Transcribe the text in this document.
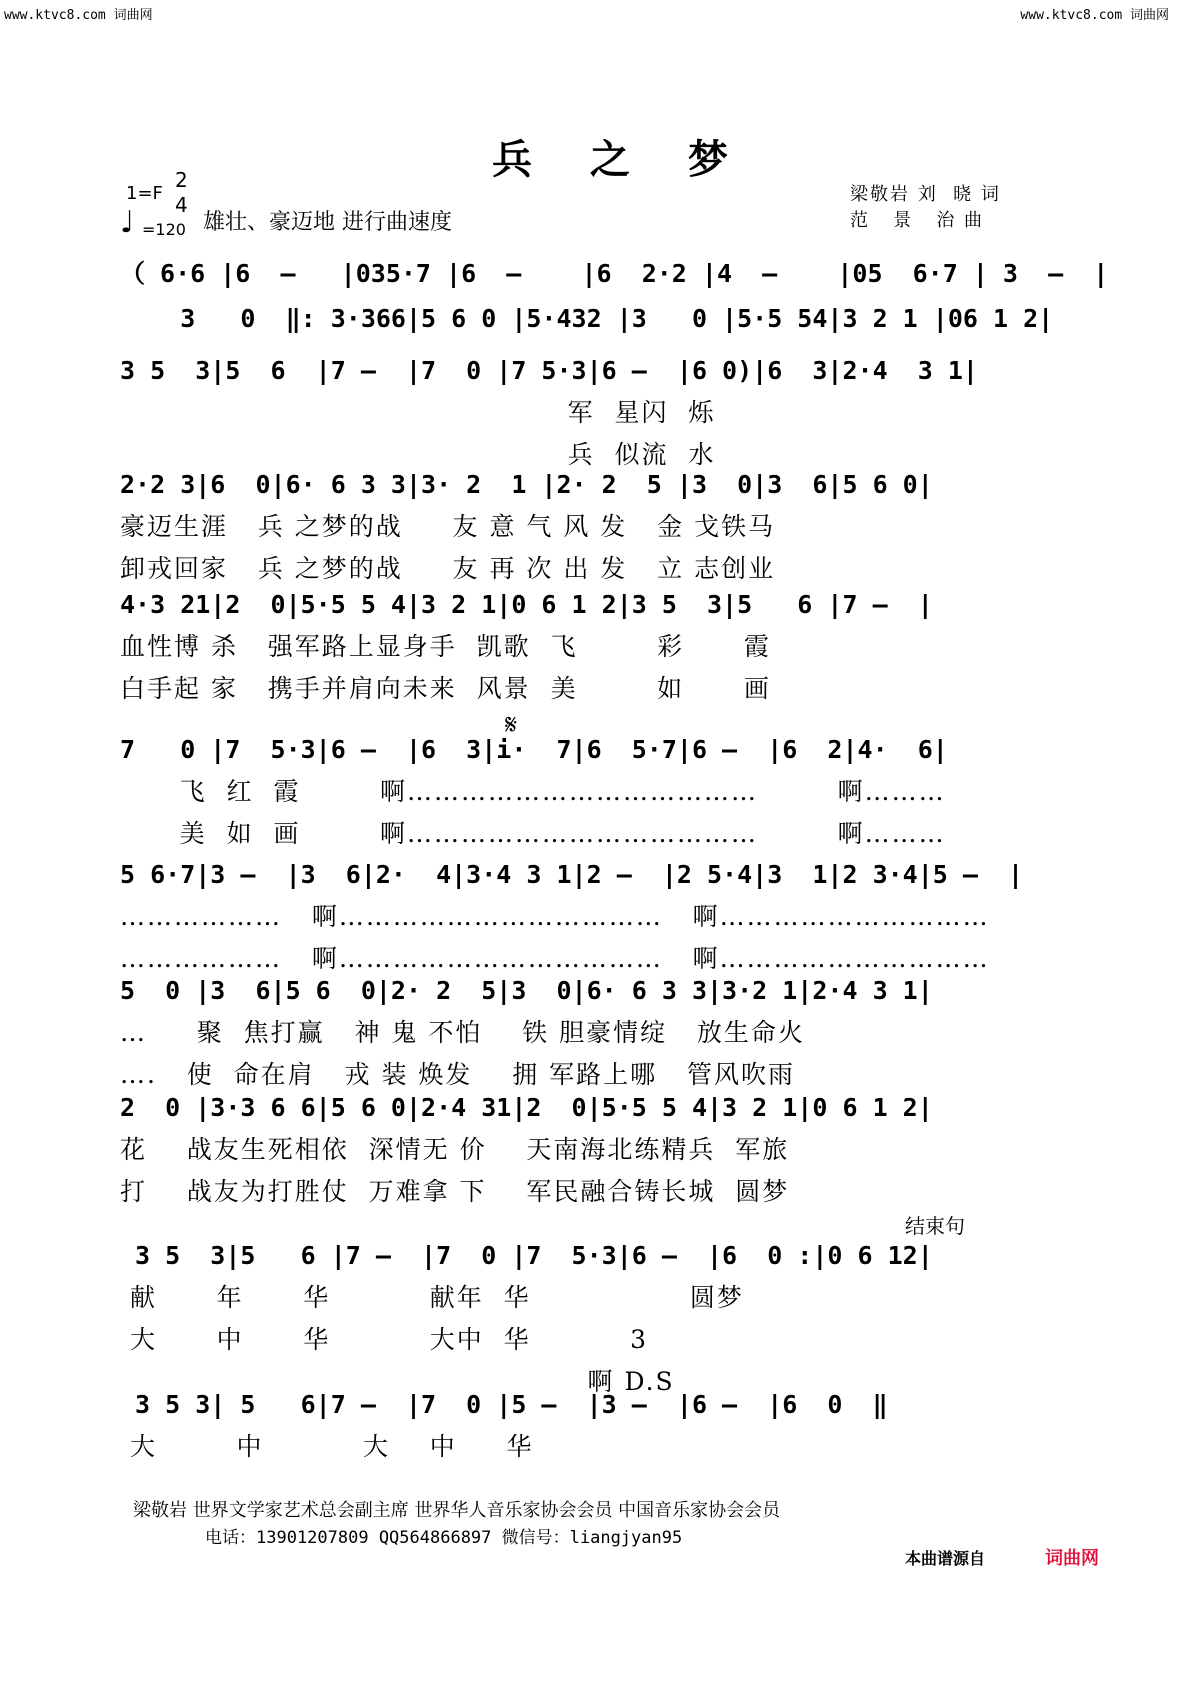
www.ktvc8.com 词曲网	www.ktvc8.com 词曲网
兵 之 梦
1=F
2
4
♩ =120 雄壮、豪迈地 进行曲速度
梁敬岩 刘  晓 词
范   景   治 曲
（ 6·6 |6  –   |035·7 |6  –    |6  2·2 |4  –    |05  6·7 | 3  –  |
3   0  ‖: 3·366|5 6 0 |5·432 |3   0 |5·5 54|3 2 1 |06 1 2|
3 5  3|5  6  |7 –  |7  0 |7 5·3|6 –  |6 0)|6  3|2·4  3 1|
军  星闪  烁
兵  似流  水
2·2 3|6  0|6· 6 3 3|3· 2  1 |2· 2  5 |3  0|3  6|5 6 0|
豪迈生涯   兵 之梦的战     友 意 气 风 发   金 戈铁马
卸戎回家   兵 之梦的战     友 再 次 出 发   立 志创业
4·3 21|2  0|5·5 5 4|3 2 1|0 6 1 2|3 5  3|5   6 |7 –  |
血性博 杀   强军路上显身手  凯歌  飞        彩      霞
白手起 家   携手并肩向未来  风景  美        如      画
𝄋
7   0 |7  5·3|6 –  |6  3|i·  7|6  5·7|6 –  |6  2|4·  6|
飞  红  霞        啊…………………………………        啊………
美  如  画        啊…………………………………        啊………
5 6·7|3 –  |3  6|2·  4|3·4 3 1|2 –  |2 5·4|3  1|2 3·4|5 –  |
………………   啊………………………………   啊…………………………
………………   啊………………………………   啊…………………………
5  0 |3  6|5 6  0|2· 2  5|3  0|6· 6 3 3|3·2 1|2·4 3 1|
…     聚  焦打赢   神 鬼 不怕    铁 胆豪情绽   放生命火
….   使  命在肩   戎 装 焕发    拥 军路上哪   管风吹雨
2  0 |3·3 6 6|5 6 0|2·4 31|2  0|5·5 5 4|3 2 1|0 6 1 2|
花    战友生死相依  深情无 价    天南海北练精兵  军旅
打    战友为打胜仗  万难拿 下    军民融合铸长城  圆梦
结束句
3 5  3|5   6 |7 –  |7  0 |7  5·3|6 –  |6  0 :|0 6 12|
献      年      华          献年  华                圆梦
大      中      华          大中  华          3
啊 D.S
3 5 3| 5   6|7 –  |7  0 |5 –  |3 –  |6 –  |6  0  ‖
大        中          大    中     华
梁敬岩 世界文学家艺术总会副主席 世界华人音乐家协会会员 中国音乐家协会会员
电话：13901207809 QQ564866897 微信号：liangjyan95
本曲谱源自	词曲网
